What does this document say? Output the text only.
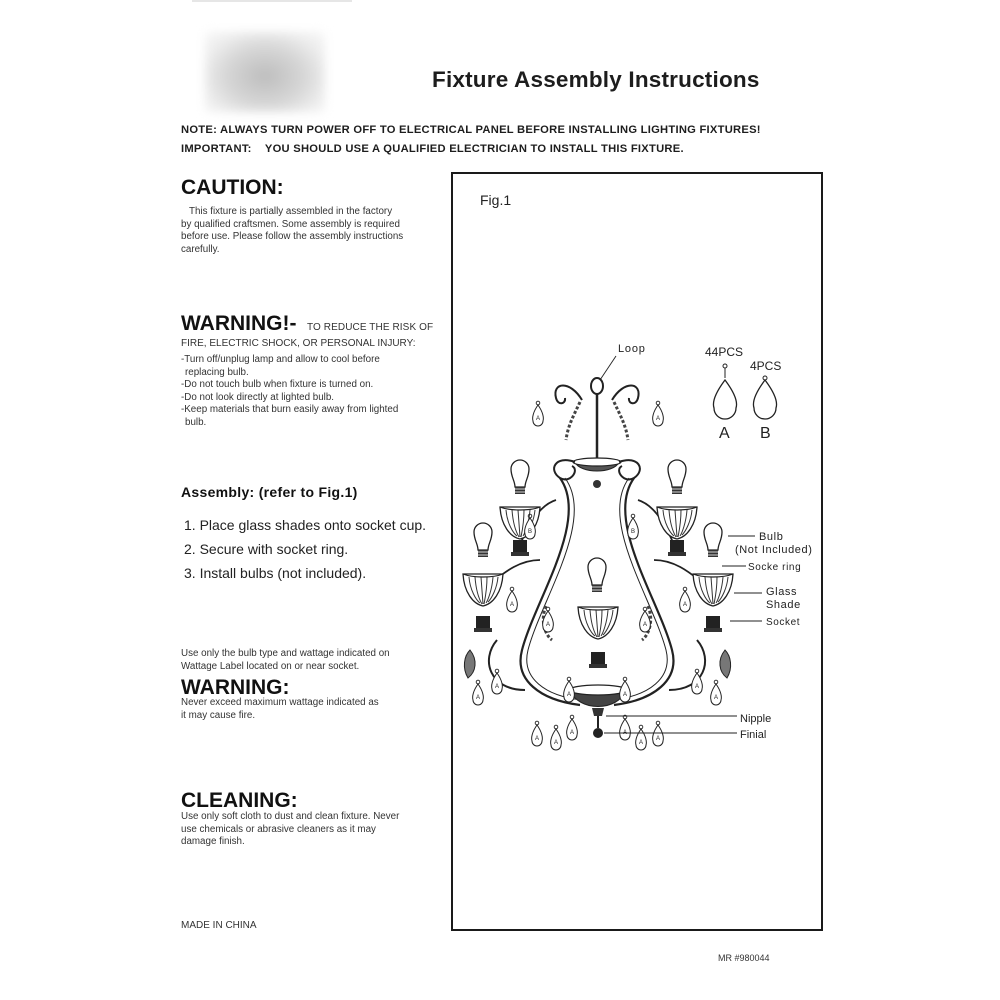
Fixture Assembly Instructions
NOTE: ALWAYS TURN POWER OFF TO ELECTRICAL PANEL BEFORE INSTALLING LIGHTING FIXTURES!
IMPORTANT: YOU SHOULD USE A QUALIFIED ELECTRICIAN TO INSTALL THIS FIXTURE.
CAUTION:
This fixture is partially assembled in the factory
by qualified craftsmen. Some assembly is required
before use. Please follow the assembly instructions
carefully.
WARNING!- TO REDUCE THE RISK OF
FIRE, ELECTRIC SHOCK, OR PERSONAL INJURY:
-Turn off/unplug lamp and allow to cool before
replacing bulb.
-Do not touch bulb when fixture is turned on.
-Do not look directly at lighted bulb.
-Keep materials that burn easily away from lighted
bulb.
Assembly: (refer to Fig.1)
1. Place glass shades onto socket cup.
2. Secure with socket ring.
3. Install bulbs (not included).
Use only the bulb type and wattage indicated on
Wattage Label located on or near socket.
WARNING:
Never exceed maximum wattage indicated as
it may cause fire.
CLEANING:
Use only soft cloth to dust and clean fixture. Never
use chemicals or abrasive cleaners as it may
damage finish.
MADE IN CHINA
MR #980044
Fig.1
Loop	44PCS
4PCS
A B
Bulb
(Not Included)
Socke ring
Glass
Shade
Socket
Nipple
Finial
